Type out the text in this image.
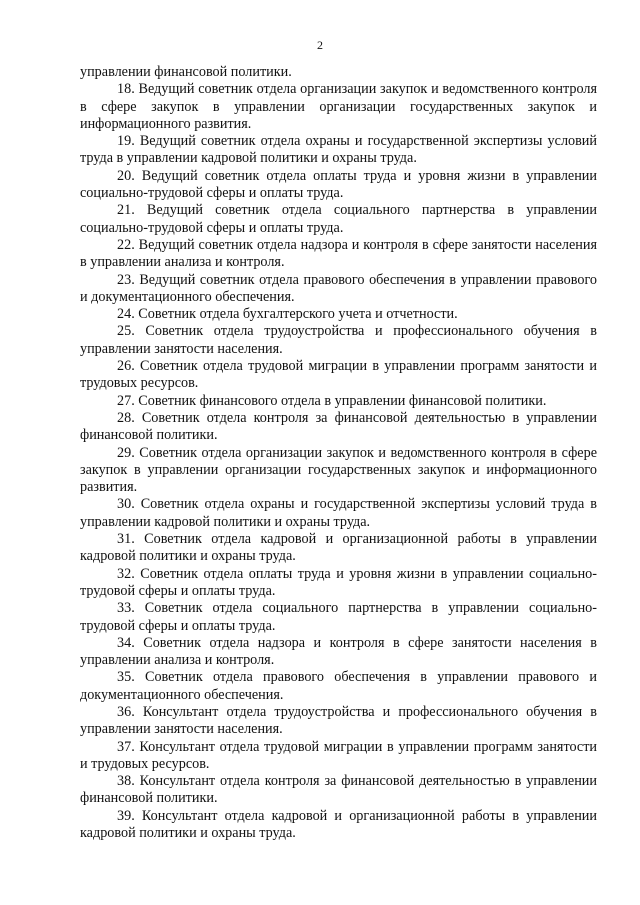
2

управлении финансовой политики.

18. Ведущий советник отдела организации закупок и ведомственного контроля в сфере закупок в управлении организации государственных закупок и информационного развития.

19. Ведущий советник отдела охраны и государственной экспертизы условий труда в управлении кадровой политики и охраны труда.

20. Ведущий советник отдела оплаты труда и уровня жизни в управлении социально-трудовой сферы и оплаты труда.

21. Ведущий советник отдела социального партнерства в управлении социально-трудовой сферы и оплаты труда.

22. Ведущий советник отдела надзора и контроля в сфере занятости населения в управлении анализа и контроля.

23. Ведущий советник отдела правового обеспечения в управлении правового и документационного обеспечения.

24. Советник отдела бухгалтерского учета и отчетности.

25. Советник отдела трудоустройства и профессионального обучения в управлении занятости населения.

26. Советник отдела трудовой миграции в управлении программ занятости и трудовых ресурсов.

27. Советник финансового отдела в управлении финансовой политики.

28. Советник отдела контроля за финансовой деятельностью в управлении финансовой политики.

29. Советник отдела организации закупок и ведомственного контроля в сфере закупок в управлении организации государственных закупок и информационного развития.

30. Советник отдела охраны и государственной экспертизы условий труда в управлении кадровой политики и охраны труда.

31. Советник отдела кадровой и организационной работы в управлении кадровой политики и охраны труда.

32. Советник отдела оплаты труда и уровня жизни в управлении социально-трудовой сферы и оплаты труда.

33. Советник отдела социального партнерства в управлении социально-трудовой сферы и оплаты труда.

34. Советник отдела надзора и контроля в сфере занятости населения в управлении анализа и контроля.

35. Советник отдела правового обеспечения в управлении правового и документационного обеспечения.

36. Консультант отдела трудоустройства и профессионального обучения в управлении занятости населения.

37. Консультант отдела трудовой миграции в управлении программ занятости и трудовых ресурсов.

38. Консультант отдела контроля за финансовой деятельностью в управлении финансовой политики.

39. Консультант отдела кадровой и организационной работы в управлении кадровой политики и охраны труда.
